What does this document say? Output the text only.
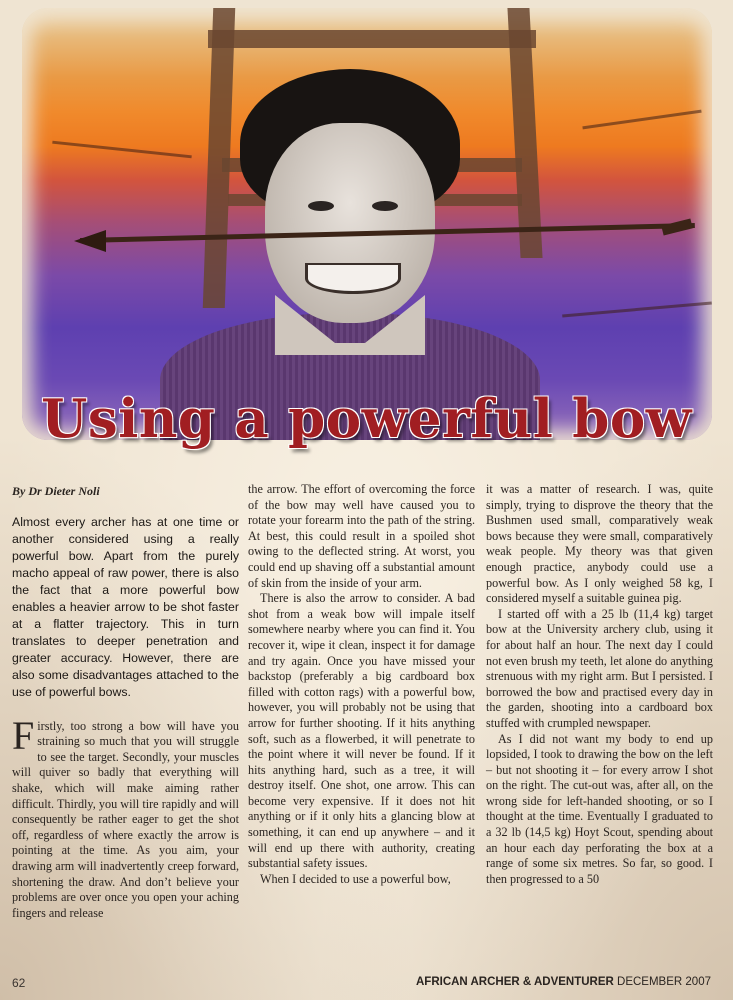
Using a powerful bow

By Dr Dieter Noli

Almost every archer has at one time or another considered using a really powerful bow. Apart from the purely macho appeal of raw power, there is also the fact that a more powerful bow enables a heavier arrow to be shot faster at a flatter trajectory. This in turn translates to deeper penetration and greater accuracy. However, there are also some disadvantages attached to the use of powerful bows.

Firstly, too strong a bow will have you straining so much that you will struggle to see the target. Secondly, your muscles will quiver so badly that everything will shake, which will make aiming rather difficult. Thirdly, you will tire rapidly and will consequently be rather eager to get the shot off, regardless of where exactly the arrow is pointing at the time. As you aim, your drawing arm will inadvertently creep forward, shortening the draw. And don’t believe your problems are over once you open your aching fingers and release

the arrow. The effort of overcoming the force of the bow may well have caused you to rotate your forearm into the path of the string. At best, this could result in a spoiled shot owing to the deflected string. At worst, you could end up shaving off a substantial amount of skin from the inside of your arm.

There is also the arrow to consider. A bad shot from a weak bow will impale itself somewhere nearby where you can find it. You recover it, wipe it clean, inspect it for damage and try again. Once you have missed your backstop (preferably a big cardboard box filled with cotton rags) with a powerful bow, however, you will probably not be using that arrow for further shooting. If it hits anything soft, such as a flowerbed, it will penetrate to the point where it will never be found. If it hits anything hard, such as a tree, it will destroy itself. One shot, one arrow. This can become very expensive. If it does not hit anything or if it only hits a glancing blow at something, it can end up anywhere – and it will end up there with authority, creating substantial safety issues.

When I decided to use a powerful bow,

it was a matter of research. I was, quite simply, trying to disprove the theory that the Bushmen used small, comparatively weak bows because they were small, comparatively weak people. My theory was that given enough practice, anybody could use a powerful bow. As I only weighed 58 kg, I considered myself a suitable guinea pig.

I started off with a 25 lb (11,4 kg) target bow at the University archery club, using it for about half an hour. The next day I could not even brush my teeth, let alone do anything strenuous with my right arm. But I persisted. I borrowed the bow and practised every day in the garden, shooting into a cardboard box stuffed with crumpled newspaper.

As I did not want my body to end up lopsided, I took to drawing the bow on the left – but not shooting it – for every arrow I shot on the right. The cut-out was, after all, on the wrong side for left-handed shooting, or so I thought at the time. Eventually I graduated to a 32 lb (14,5 kg) Hoyt Scout, spending about an hour each day perforating the box at a range of some six metres. So far, so good. I then progressed to a 50

62	AFRICAN ARCHER & ADVENTURER DECEMBER 2007
